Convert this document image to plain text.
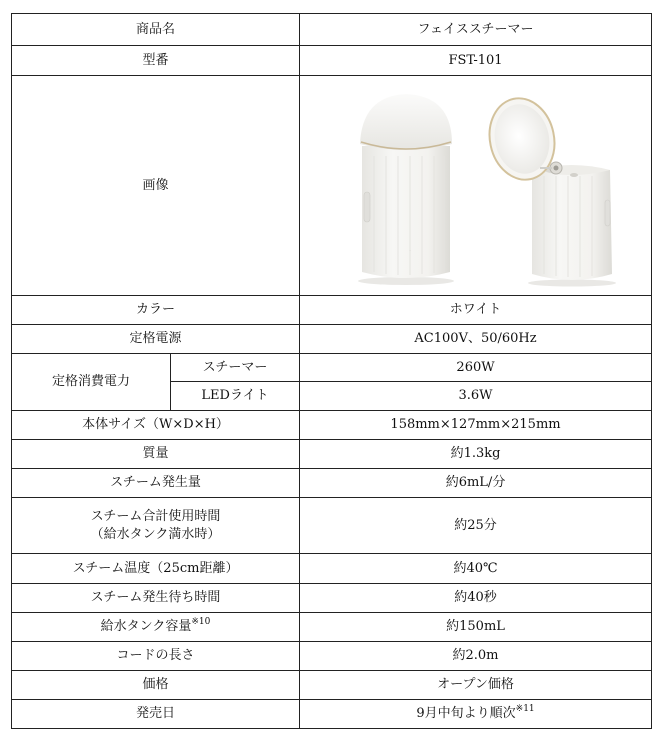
商品名		フェイススチーマー
型番		FST-101
画像		·

カラー		ホワイト
定格電源		AC100V、50/60Hz
定格消費電力	スチーマー	260W
	LEDライト	3.6W
本体サイズ（W×D×H）		158mm×127mm×215mm
質量		約1.3kg
スチーム発生量		約6mL/分

スチーム合計使用時間
（給水タンク満水時）		約25分
スチーム温度（25cm距離）		約40℃
スチーム発生待ち時間		約40秒
給水タンク容量$^{※10}$		約150mL
コードの長さ		約2.0m
価格		オープン価格
発売日		9月中旬より順次$^{※11}$
